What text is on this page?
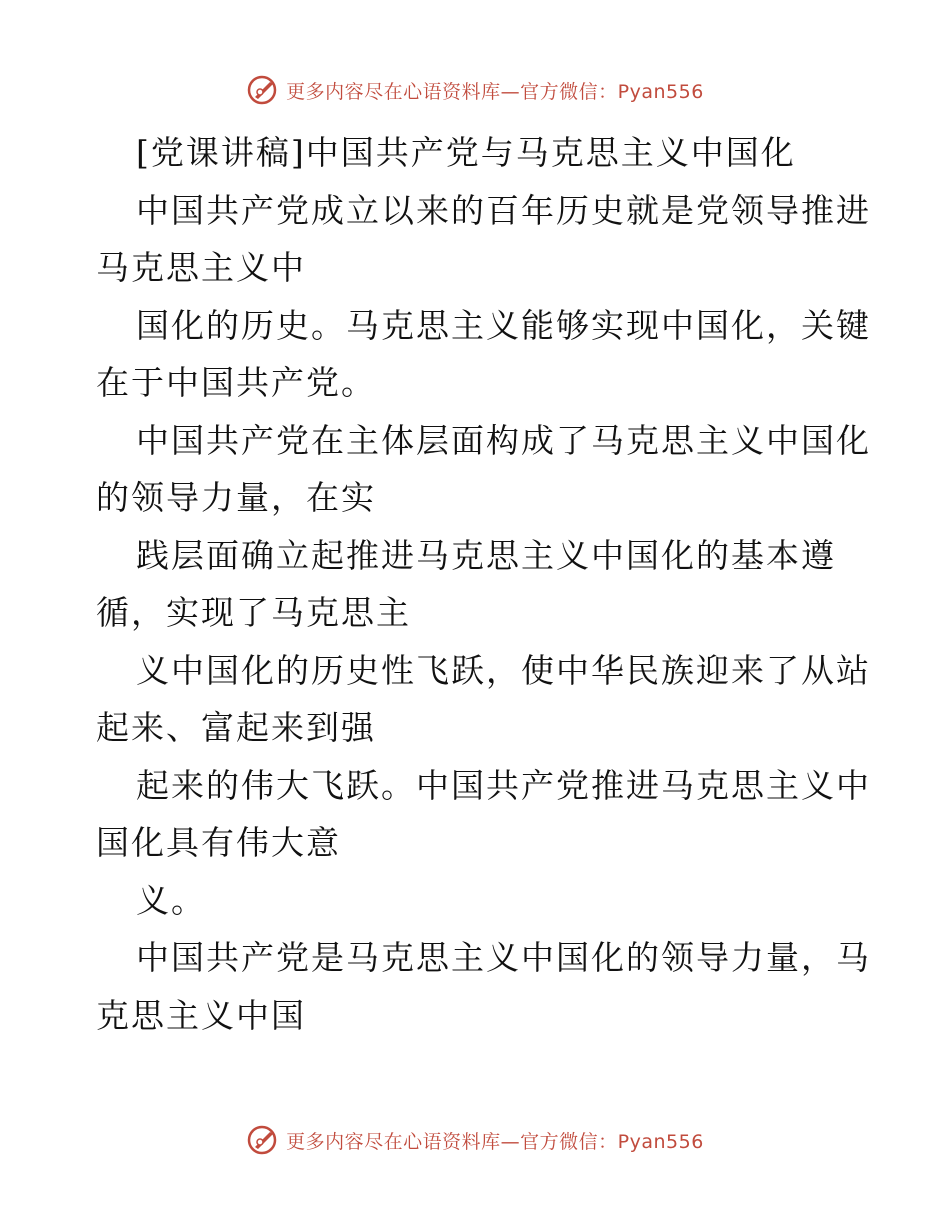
更多内容尽在心语资料库—官方微信：Pyan556
[党课讲稿]中国共产党与马克思主义中国化
中国共产党成立以来的百年历史就是党领导推进
马克思主义中
国化的历史。马克思主义能够实现中国化，关键
在于中国共产党。
中国共产党在主体层面构成了马克思主义中国化
的领导力量，在实
践层面确立起推进马克思主义中国化的基本遵
循，实现了马克思主
义中国化的历史性飞跃，使中华民族迎来了从站
起来、富起来到强
起来的伟大飞跃。中国共产党推进马克思主义中
国化具有伟大意
义。
中国共产党是马克思主义中国化的领导力量，马
克思主义中国
更多内容尽在心语资料库—官方微信：Pyan556
